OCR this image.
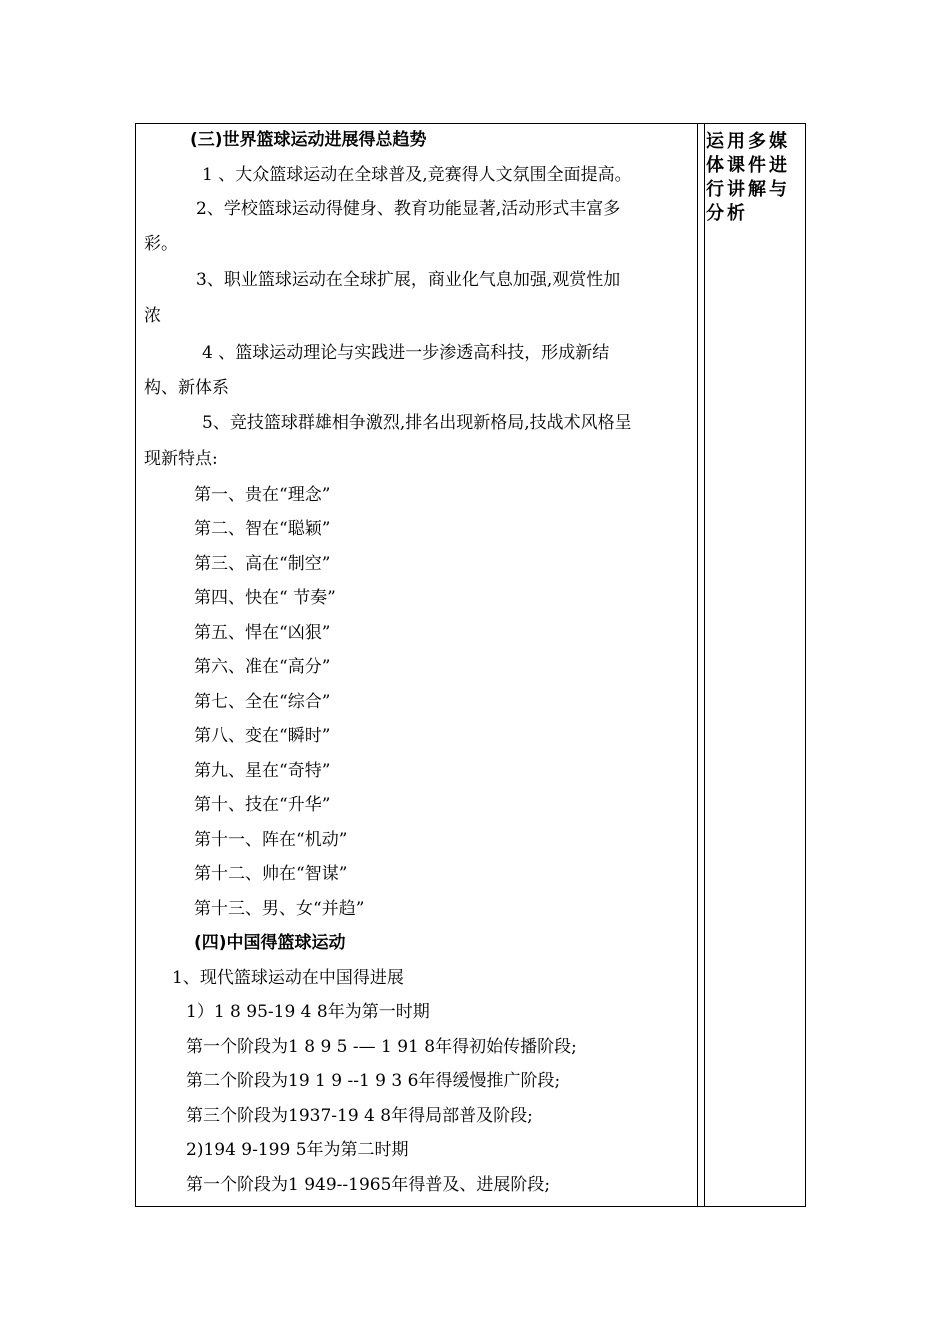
(三)世界篮球运动进展得总趋势
1 、大众篮球运动在全球普及,竞赛得人文氛围全面提高。
2、学校篮球运动得健身、教育功能显著,活动形式丰富多
彩。
3、职业篮球运动在全球扩展，商业化气息加强,观赏性加
浓
4 、篮球运动理论与实践进一步渗透高科技，形成新结
构、新体系
5、竞技篮球群雄相争激烈,排名出现新格局,技战术风格呈
现新特点:
第一、贵在“理念”
第二、智在“聪颖”
第三、高在“制空”
第四、快在“ 节奏”
第五、悍在“凶狠”
第六、准在“高分”
第七、全在“综合”
第八、变在“瞬时”
第九、星在“奇特”
第十、技在“升华”
第十一、阵在“机动”
第十二、帅在“智谋”
第十三、男、女“并趋”
(四)中国得篮球运动
1、现代篮球运动在中国得进展
1）1 8 95-19 4 8年为第一时期
第一个阶段为1 8 9 5 -— 1 91 8年得初始传播阶段;
第二个阶段为19 1 9 --1 9 3 6年得缓慢推广阶段;
第三个阶段为1937-19 4 8年得局部普及阶段;
2)194 9-199 5年为第二时期
第一个阶段为1 949--1965年得普及、进展阶段;
运用多媒体课件进行讲解与分析
